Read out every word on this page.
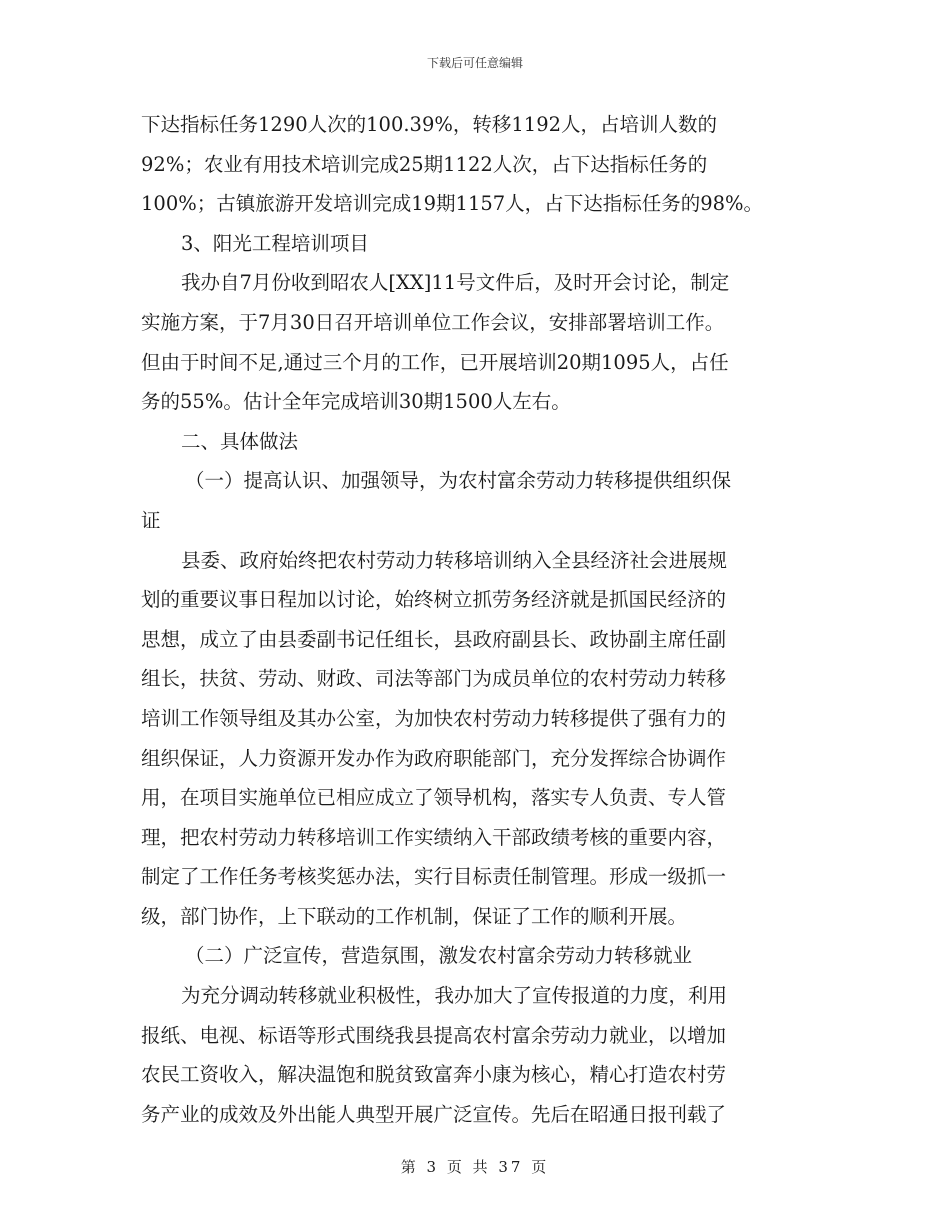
下载后可任意编辑
下达指标任务1290人次的100.39%，转移1192人，占培训人数的
92%；农业有用技术培训完成25期1122人次，占下达指标任务的
100%；古镇旅游开发培训完成19期1157人，占下达指标任务的98%。
3、阳光工程培训项目
我办自7月份收到昭农人[XX]11号文件后，及时开会讨论，制定
实施方案，于7月30日召开培训单位工作会议，安排部署培训工作。
但由于时间不足,通过三个月的工作，已开展培训20期1095人，占任
务的55%。估计全年完成培训30期1500人左右。
二、具体做法
（一）提高认识、加强领导，为农村富余劳动力转移提供组织保
证
县委、政府始终把农村劳动力转移培训纳入全县经济社会进展规
划的重要议事日程加以讨论，始终树立抓劳务经济就是抓国民经济的
思想，成立了由县委副书记任组长，县政府副县长、政协副主席任副
组长，扶贫、劳动、财政、司法等部门为成员单位的农村劳动力转移
培训工作领导组及其办公室，为加快农村劳动力转移提供了强有力的
组织保证，人力资源开发办作为政府职能部门，充分发挥综合协调作
用，在项目实施单位已相应成立了领导机构，落实专人负责、专人管
理，把农村劳动力转移培训工作实绩纳入干部政绩考核的重要内容，
制定了工作任务考核奖惩办法，实行目标责任制管理。形成一级抓一
级，部门协作，上下联动的工作机制，保证了工作的顺利开展。
（二）广泛宣传，营造氛围，激发农村富余劳动力转移就业
为充分调动转移就业积极性，我办加大了宣传报道的力度，利用
报纸、电视、标语等形式围绕我县提高农村富余劳动力就业，以增加
农民工资收入，解决温饱和脱贫致富奔小康为核心，精心打造农村劳
务产业的成效及外出能人典型开展广泛宣传。先后在昭通日报刊载了
第 3 页 共 37 页
